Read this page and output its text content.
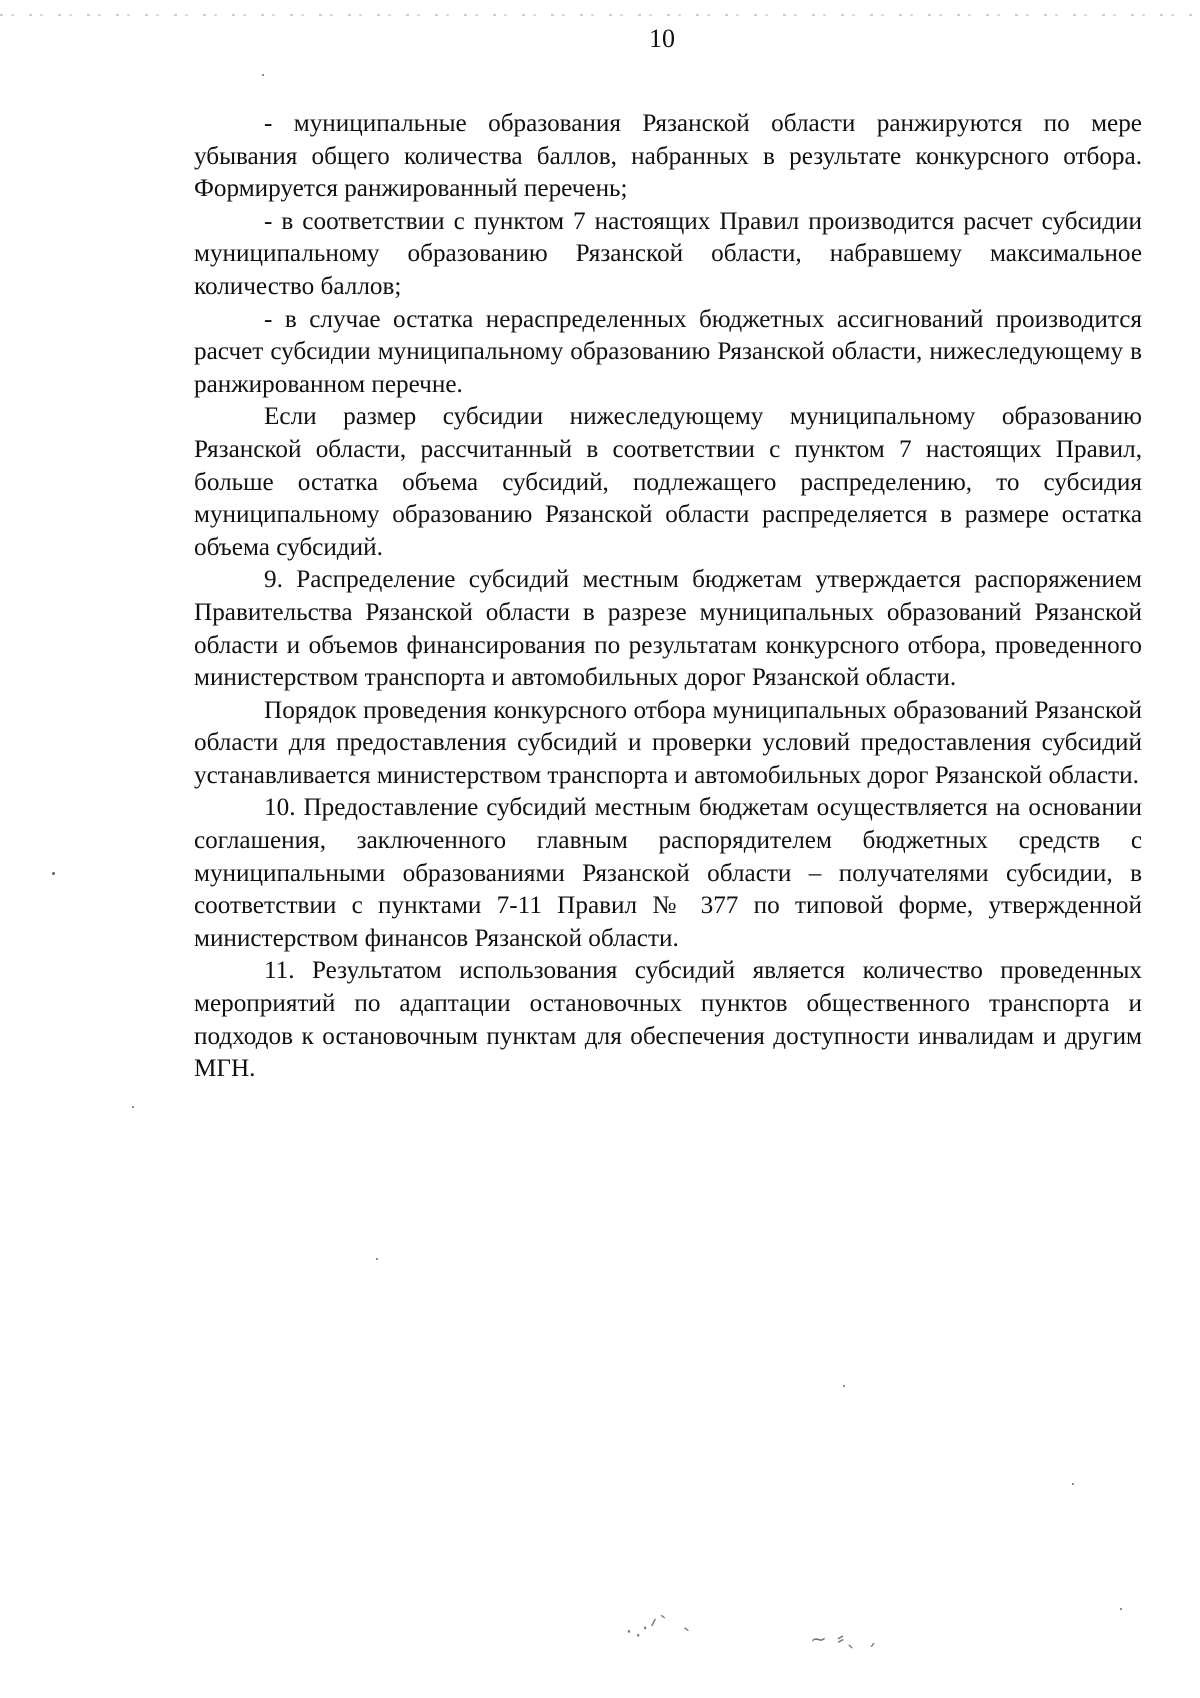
10

- муниципальные образования Рязанской области ранжируются по мере убывания общего количества баллов, набранных в результате конкурсного отбора. Формируется ранжированный перечень;

- в соответствии с пунктом 7 настоящих Правил производится расчет субсидии муниципальному образованию Рязанской области, набравшему максимальное количество баллов;

- в случае остатка нераспределенных бюджетных ассигнований производится расчет субсидии муниципальному образованию Рязанской области, нижеследующему в ранжированном перечне.

Если размер субсидии нижеследующему муниципальному образованию Рязанской области, рассчитанный в соответствии с пунктом 7 настоящих Правил, больше остатка объема субсидий, подлежащего распределению, то субсидия муниципальному образованию Рязанской области распределяется в размере остатка объема субсидий.

9. Распределение субсидий местным бюджетам утверждается распоряжением Правительства Рязанской области в разрезе муниципальных образований Рязанской области и объемов финансирования по результатам конкурсного отбора, проведенного министерством транспорта и автомобильных дорог Рязанской области.

Порядок проведения конкурсного отбора муниципальных образований Рязанской области для предоставления субсидий и проверки условий предоставления субсидий устанавливается министерством транспорта и автомобильных дорог Рязанской области.

10. Предоставление субсидий местным бюджетам осуществляется на основании соглашения, заключенного главным распорядителем бюджетных средств с муниципальными образованиями Рязанской области – получателями субсидии, в соответствии с пунктами 7-11 Правил № 377 по типовой форме, утвержденной министерством финансов Рязанской области.

11. Результатом использования субсидий является количество проведенных мероприятий по адаптации остановочных пунктов общественного транспорта и подходов к остановочным пунктам для обеспечения доступности инвалидам и другим МГН.

·.·ᐟ` ˎ	~ ⸗ˎ ˏ
